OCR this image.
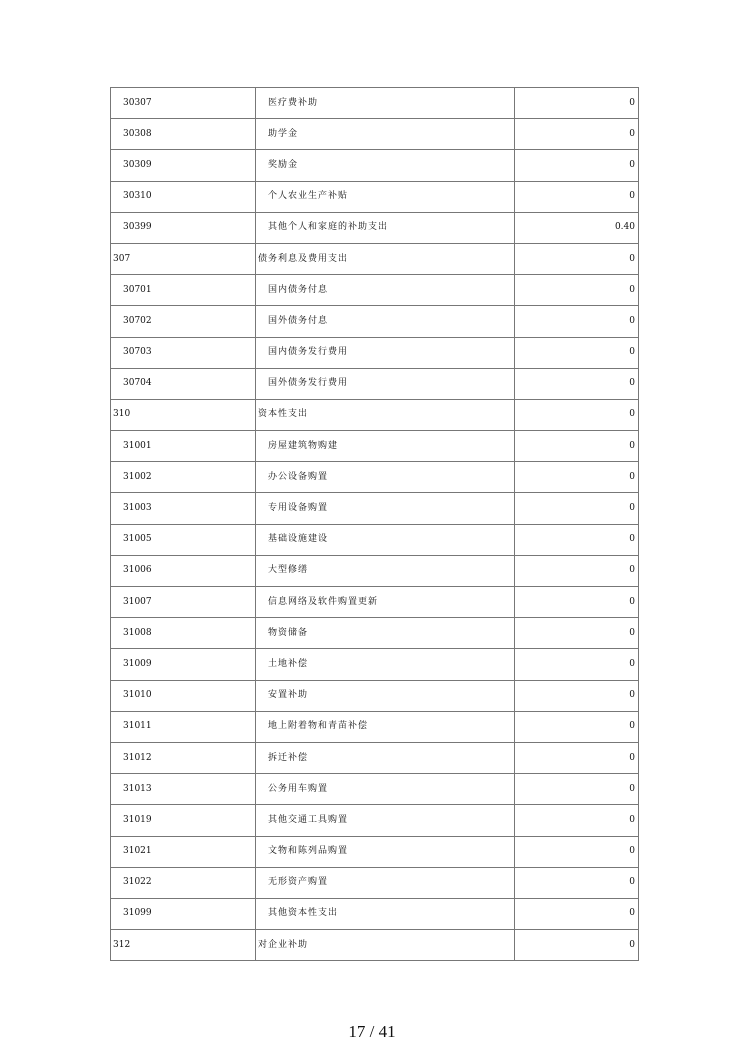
30307	医疗费补助	0
30308	助学金	0
30309	奖励金	0
30310	个人农业生产补贴	0
30399	其他个人和家庭的补助支出	0.40
307	债务利息及费用支出	0
30701	国内债务付息	0
30702	国外债务付息	0
30703	国内债务发行费用	0
30704	国外债务发行费用	0
310	资本性支出	0
31001	房屋建筑物购建	0
31002	办公设备购置	0
31003	专用设备购置	0
31005	基础设施建设	0
31006	大型修缮	0
31007	信息网络及软件购置更新	0
31008	物资储备	0
31009	土地补偿	0
31010	安置补助	0
31011	地上附着物和青苗补偿	0
31012	拆迁补偿	0
31013	公务用车购置	0
31019	其他交通工具购置	0
31021	文物和陈列品购置	0
31022	无形资产购置	0
31099	其他资本性支出	0
312	对企业补助	0
17 / 41
